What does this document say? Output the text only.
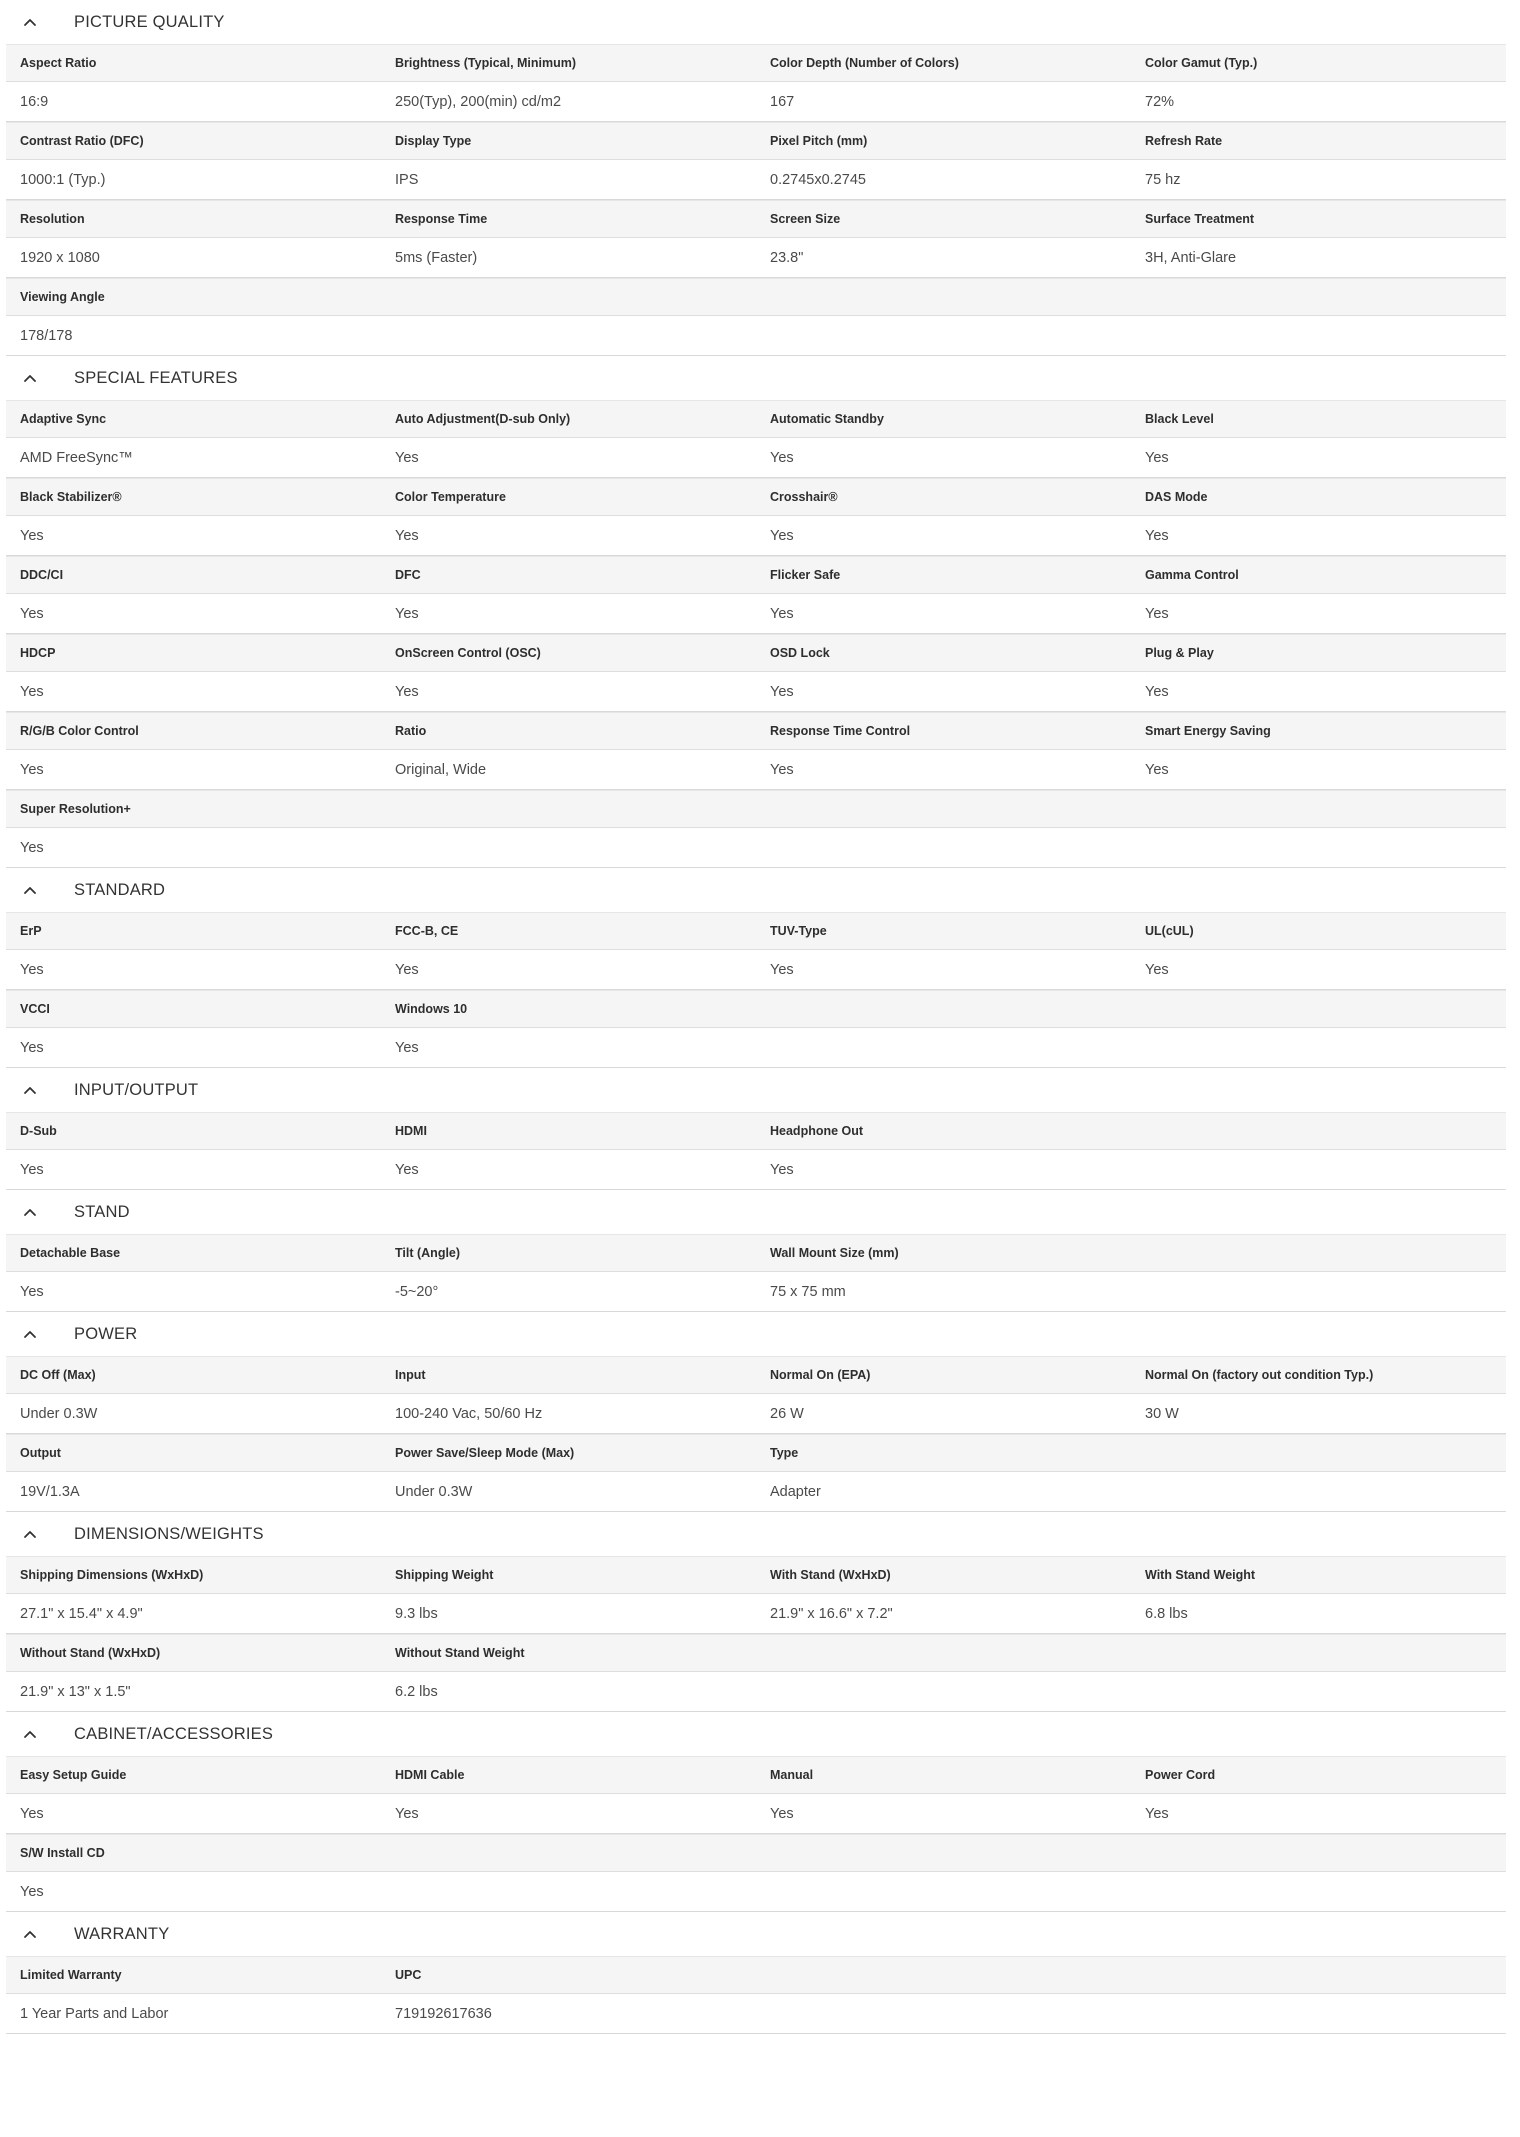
PICTURE QUALITY
Aspect Ratio	Brightness (Typical, Minimum)	Color Depth (Number of Colors)	Color Gamut (Typ.)
16:9	250(Typ), 200(min) cd/m2	167	72%
Contrast Ratio (DFC)	Display Type	Pixel Pitch (mm)	Refresh Rate
1000:1 (Typ.)	IPS	0.2745x0.2745	75 hz
Resolution	Response Time	Screen Size	Surface Treatment
1920 x 1080	5ms (Faster)	23.8"	3H, Anti-Glare
Viewing Angle
178/178
SPECIAL FEATURES
Adaptive Sync	Auto Adjustment(D-sub Only)	Automatic Standby	Black Level
AMD FreeSync™	Yes	Yes	Yes
Black Stabilizer®	Color Temperature	Crosshair®	DAS Mode
Yes	Yes	Yes	Yes
DDC/CI	DFC	Flicker Safe	Gamma Control
Yes	Yes	Yes	Yes
HDCP	OnScreen Control (OSC)	OSD Lock	Plug & Play
Yes	Yes	Yes	Yes
R/G/B Color Control	Ratio	Response Time Control	Smart Energy Saving
Yes	Original, Wide	Yes	Yes
Super Resolution+
Yes
STANDARD
ErP	FCC-B, CE	TUV-Type	UL(cUL)
Yes	Yes	Yes	Yes
VCCI	Windows 10
Yes	Yes
INPUT/OUTPUT
D-Sub	HDMI	Headphone Out
Yes	Yes	Yes
STAND
Detachable Base	Tilt (Angle)	Wall Mount Size (mm)
Yes	-5~20°	75 x 75 mm
POWER
DC Off (Max)	Input	Normal On (EPA)	Normal On (factory out condition Typ.)
Under 0.3W	100-240 Vac, 50/60 Hz	26 W	30 W
Output	Power Save/Sleep Mode (Max)	Type
19V/1.3A	Under 0.3W	Adapter
DIMENSIONS/WEIGHTS
Shipping Dimensions (WxHxD)	Shipping Weight	With Stand (WxHxD)	With Stand Weight
27.1" x 15.4" x 4.9"	9.3 lbs	21.9" x 16.6" x 7.2"	6.8 lbs
Without Stand (WxHxD)	Without Stand Weight
21.9" x 13" x 1.5"	6.2 lbs
CABINET/ACCESSORIES
Easy Setup Guide	HDMI Cable	Manual	Power Cord
Yes	Yes	Yes	Yes
S/W Install CD
Yes
WARRANTY
Limited Warranty	UPC
1 Year Parts and Labor	719192617636
